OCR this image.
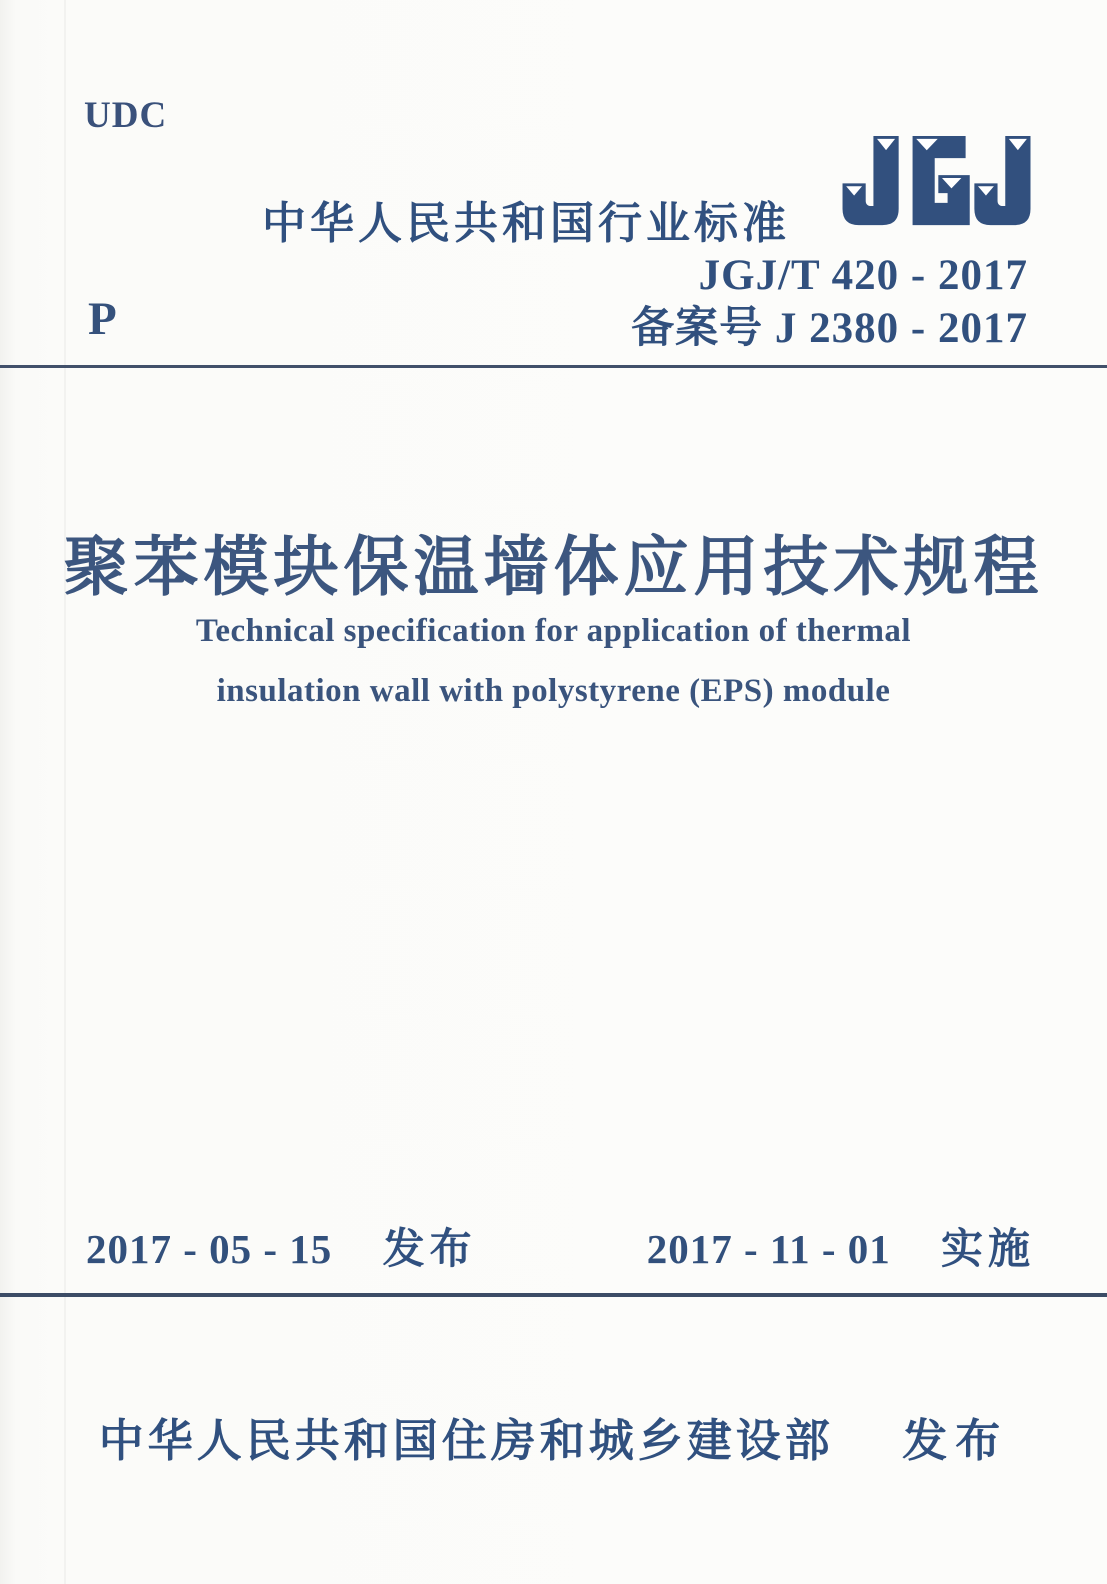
UDC
中华人民共和国行业标准
JGJ/T 420 - 2017
备案号 J 2380 - 2017
P
聚苯模块保温墙体应用技术规程
Technical specification for application of thermal
insulation wall with polystyrene (EPS) module
2017 - 05 - 15 发布	2017 - 11 - 01 实施
中华人民共和国住房和城乡建设部 发布
